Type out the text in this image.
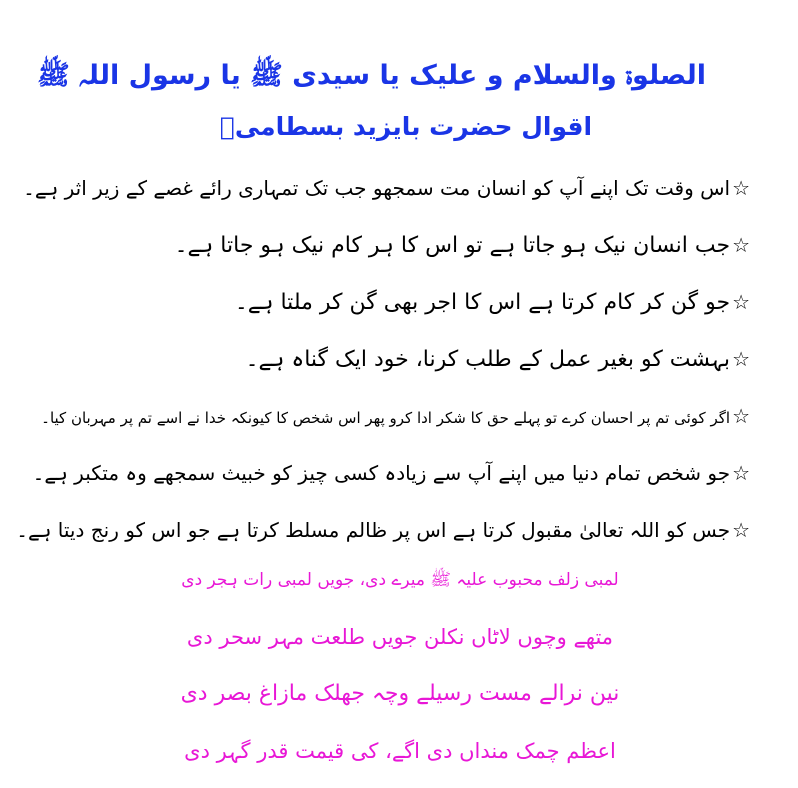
الصلوۃ والسلام و علیک یا سیدی ﷺ یا رسول اللہ ﷺ
اقوال حضرت بایزید بسطامیؒ
☆اس وقت تک اپنے آپ کو انسان مت سمجھو جب تک تمہاری رائے غصے کے زیر اثر ہے۔
☆جب انسان نیک ہو جاتا ہے تو اس کا ہر کام نیک ہو جاتا ہے۔
☆جو گن کر کام کرتا ہے اس کا اجر بھی گن کر ملتا ہے۔
☆بہشت کو بغیر عمل کے طلب کرنا، خود ایک گناہ ہے۔
☆اگر کوئی تم پر احسان کرے تو پہلے حق کا شکر ادا کرو پھر اس شخص کا کیونکہ خدا نے اسے تم پر مہربان کیا۔
☆جو شخص تمام دنیا میں اپنے آپ سے زیادہ کسی چیز کو خبیث سمجھے وہ متکبر ہے۔
☆جس کو اللہ تعالیٰ مقبول کرتا ہے اس پر ظالم مسلط کرتا ہے جو اس کو رنج دیتا ہے۔
لمبی زلف محبوب علیہ ﷺ میرے دی، جویں لمبی رات ہجر دی
متھے وچوں لاٹاں نکلن جویں طلعت مہر سحر دی
نین نرالے مست رسیلے وچہ جھلک مازاغ بصر دی
اعظم چمک منداں دی اگے، کی قیمت قدر گہر دی
